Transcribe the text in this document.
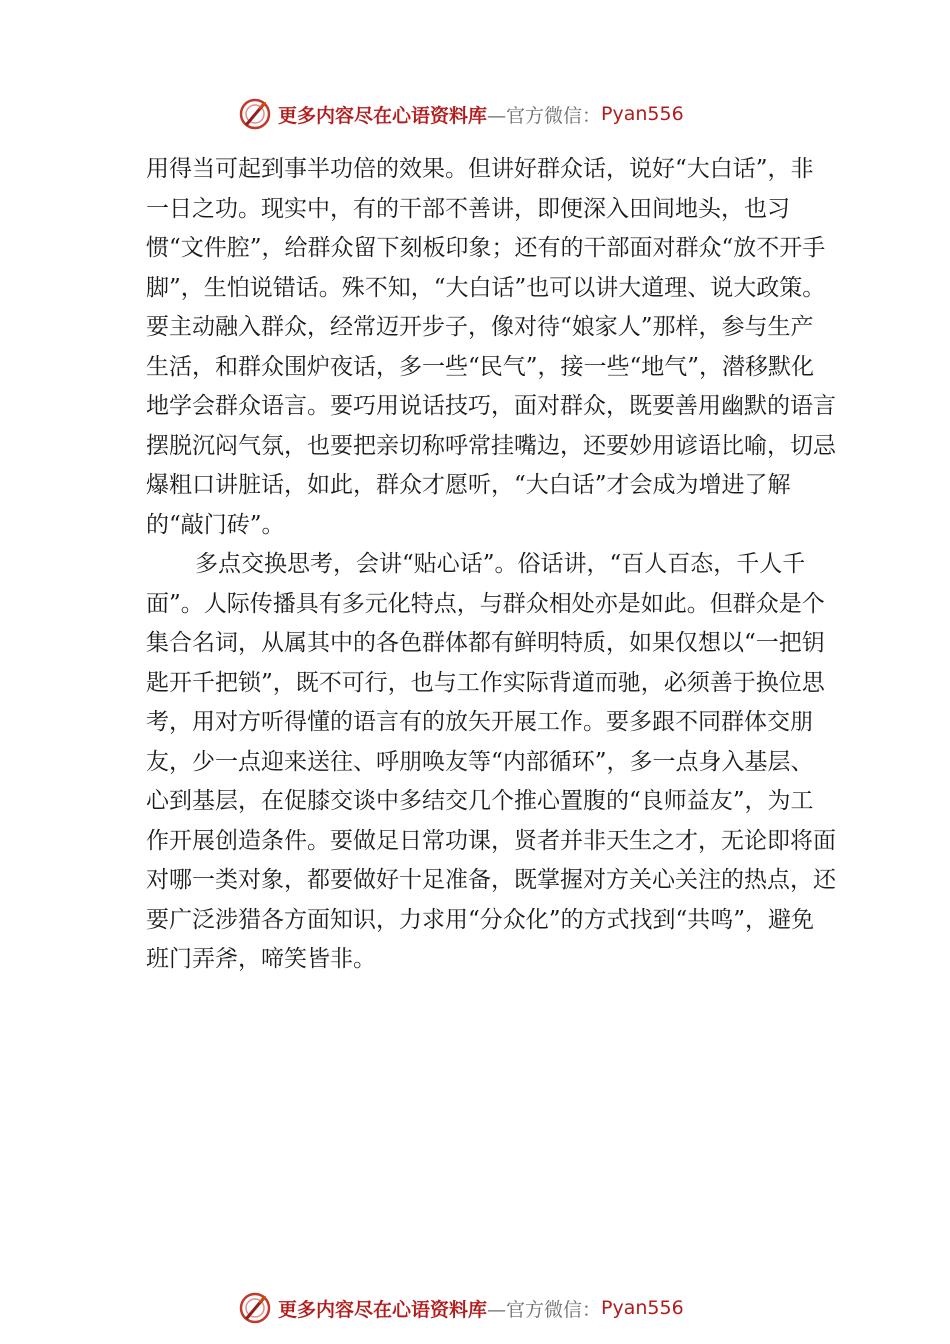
更多内容尽在心语资料库 —官方微信： Pyan556

用得当可起到事半功倍的效果。但讲好群众话，说好“大白话”，非一日之功。现实中，有的干部不善讲，即便深入田间地头，也习惯“文件腔”，给群众留下刻板印象；还有的干部面对群众“放不开手脚”，生怕说错话。殊不知，“大白话”也可以讲大道理、说大政策。要主动融入群众，经常迈开步子，像对待“娘家人”那样，参与生产生活，和群众围炉夜话，多一些“民气”，接一些“地气”，潜移默化地学会群众语言。要巧用说话技巧，面对群众，既要善用幽默的语言摆脱沉闷气氛，也要把亲切称呼常挂嘴边，还要妙用谚语比喻，切忌爆粗口讲脏话，如此，群众才愿听，“大白话”才会成为增进了解的“敲门砖”。

多点交换思考，会讲“贴心话”。俗话讲，“百人百态，千人千面”。人际传播具有多元化特点，与群众相处亦是如此。但群众是个集合名词，从属其中的各色群体都有鲜明特质，如果仅想以“一把钥匙开千把锁”，既不可行，也与工作实际背道而驰，必须善于换位思考，用对方听得懂的语言有的放矢开展工作。要多跟不同群体交朋友，少一点迎来送往、呼朋唤友等“内部循环”，多一点身入基层、心到基层，在促膝交谈中多结交几个推心置腹的“良师益友”，为工作开展创造条件。要做足日常功课，贤者并非天生之才，无论即将面对哪一类对象，都要做好十足准备，既掌握对方关心关注的热点，还要广泛涉猎各方面知识，力求用“分众化”的方式找到“共鸣”，避免班门弄斧，啼笑皆非。

更多内容尽在心语资料库 —官方微信： Pyan556
